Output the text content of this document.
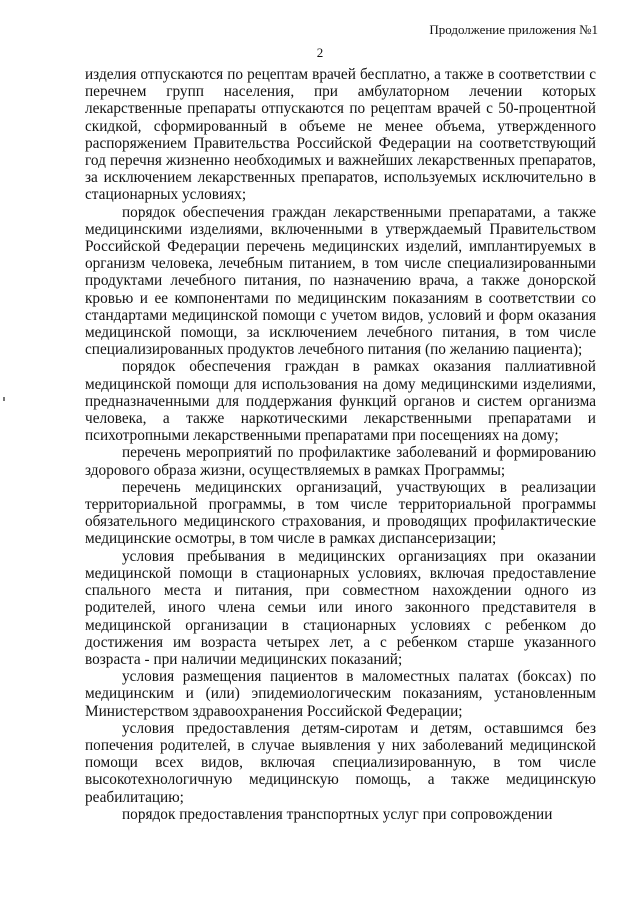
Продолжение приложения №1
2

изделия отпускаются по рецептам врачей бесплатно, а также в соответствии с перечнем групп населения, при амбулаторном лечении которых лекарственные препараты отпускаются по рецептам врачей с 50-процентной скидкой, сформированный в объеме не менее объема, утвержденного распоряжением Правительства Российской Федерации на соответствующий год перечня жизненно необходимых и важнейших лекарственных препаратов, за исключением лекарственных препаратов, используемых исключительно в стационарных условиях;

порядок обеспечения граждан лекарственными препаратами, а также медицинскими изделиями, включенными в утверждаемый Правительством Российской Федерации перечень медицинских изделий, имплантируемых в организм человека, лечебным питанием, в том числе специализированными продуктами лечебного питания, по назначению врача, а также донорской кровью и ее компонентами по медицинским показаниям в соответствии со стандартами медицинской помощи с учетом видов, условий и форм оказания медицинской помощи, за исключением лечебного питания, в том числе специализированных продуктов лечебного питания (по желанию пациента);

порядок обеспечения граждан в рамках оказания паллиативной медицинской помощи для использования на дому медицинскими изделиями, предназначенными для поддержания функций органов и систем организма человека, а также наркотическими лекарственными препаратами и психотропными лекарственными препаратами при посещениях на дому;

перечень мероприятий по профилактике заболеваний и формированию здорового образа жизни, осуществляемых в рамках Программы;

перечень медицинских организаций, участвующих в реализации территориальной программы, в том числе территориальной программы обязательного медицинского страхования, и проводящих профилактические медицинские осмотры, в том числе в рамках диспансеризации;

условия пребывания в медицинских организациях при оказании медицинской помощи в стационарных условиях, включая предоставление спального места и питания, при совместном нахождении одного из родителей, иного члена семьи или иного законного представителя в медицинской организации в стационарных условиях с ребенком до достижения им возраста четырех лет, а с ребенком старше указанного возраста - при наличии медицинских показаний;

условия размещения пациентов в маломестных палатах (боксах) по медицинским и (или) эпидемиологическим показаниям, установленным Министерством здравоохранения Российской Федерации;

условия предоставления детям-сиротам и детям, оставшимся без попечения родителей, в случае выявления у них заболеваний медицинской помощи всех видов, включая специализированную, в том числе высокотехнологичную медицинскую помощь, а также медицинскую реабилитацию;

порядок предоставления транспортных услуг при сопровождении
